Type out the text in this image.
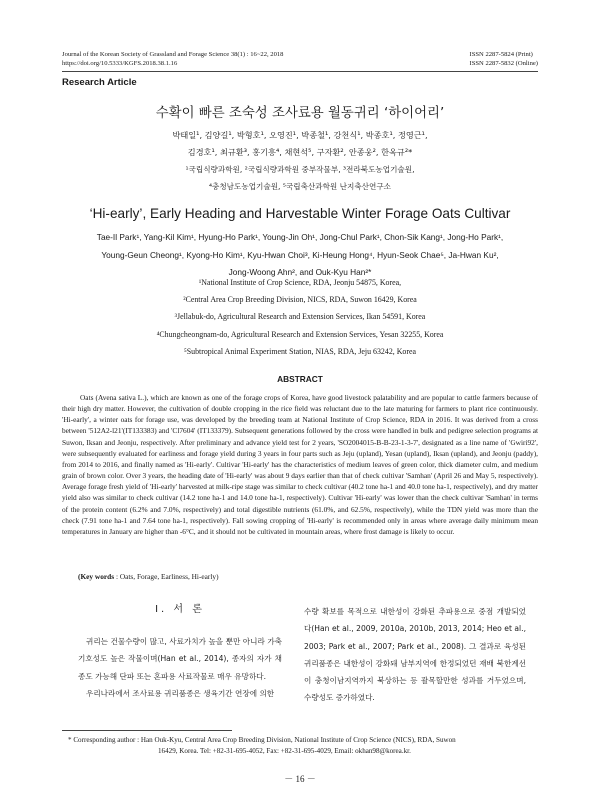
Journal of the Korean Society of Grassland and Forage Science 38(1) : 16~22, 2018
https://doi.org/10.5333/KGFS.2018.38.1.16
ISSN 2287-5824 (Print)
ISSN 2287-5832 (Online)
Research Article
수확이 빠른 조숙성 조사료용 월동귀리 ‘하이어리’
박태일¹, 김양길¹, 박형호¹, 오영진¹, 박종철¹, 강천식¹, 박종호¹, 정영근¹,
김경호¹, 최규환³, 홍기흥⁴, 채현석⁵, 구자환², 안종웅², 한옥규²*
¹국립식량과학원, ²국립식량과학원 중부작물부, ³전라북도농업기술원,
⁴충청남도농업기술원, ⁵국립축산과학원 난지축산연구소
‘Hi-early’, Early Heading and Harvestable Winter Forage Oats Cultivar
Tae-Il Park¹, Yang-Kil Kim¹, Hyung-Ho Park¹, Young-Jin Oh¹, Jong-Chul Park¹, Chon-Sik Kang¹, Jong-Ho Park¹,
Young-Geun Cheong¹, Kyong-Ho Kim¹, Kyu-Hwan Choi³, Ki-Heung Hong⁴, Hyun-Seok Chae⁵, Ja-Hwan Ku²,
Jong-Woong Ahn², and Ouk-Kyu Han²*
¹National Institute of Crop Science, RDA, Jeonju 54875, Korea,
²Central Area Crop Breeding Division, NICS, RDA, Suwon 16429, Korea
³Jellabuk-do, Agricultural Research and Extension Services, Ikan 54591, Korea
⁴Chungcheongnam-do, Agricultural Research and Extension Services, Yesan 32255, Korea
⁵Subtropical Animal Experiment Station, NIAS, RDA, Jeju 63242, Korea
ABSTRACT
Oats (Avena sativa L.), which are known as one of the forage crops of Korea, have good livestock palatability and are popular to cattle farmers because of their high dry matter. However, the cultivation of double cropping in the rice field was reluctant due to the late maturing for farmers to plant rice continuously. 'Hi-early', a winter oats for forage use, was developed by the breeding team at National Institute of Crop Science, RDA in 2016. It was derived from a cross between '512A2-l21'(IT133383) and 'Cl7604' (IT133379). Subsequent generations followed by the cross were handled in bulk and pedigree selection programs at Suwon, Iksan and Jeonju, respectively. After preliminary and advance yield test for 2 years, 'SO2004015-B-B-23-1-3-7', designated as a line name of 'Gwiri92', were subsequently evaluated for earliness and forage yield during 3 years in four parts such as Jeju (upland), Yesan (upland), Iksan (upland), and Jeonju (paddy), from 2014 to 2016, and finally named as 'Hi-early'. Cultivar 'Hi-early' has the characteristics of medium leaves of green color, thick diameter culm, and medium grain of brown color. Over 3 years, the heading date of 'Hi-early' was about 9 days earlier than that of check cultivar 'Samhan' (April 26 and May 5, respectively). Average forage fresh yield of 'Hi-early' harvested at milk-ripe stage was similar to check cultivar (40.2 tone ha-1 and 40.0 tone ha-1, respectively), and dry matter yield also was similar to check cultivar (14.2 tone ha-1 and 14.0 tone ha-1, respectively). Cultivar 'Hi-early' was lower than the check cultivar 'Samhan' in terms of the protein content (6.2% and 7.0%, respectively) and total digestible nutrients (61.0%, and 62.5%, respectively), while the TDN yield was more than the check (7.91 tone ha-1 and 7.64 tone ha-1, respectively). Fall sowing cropping of 'Hi-early' is recommended only in areas where average daily minimum mean temperatures in January are higher than -6°C, and it should not be cultivated in mountain areas, where frost damage is likely to occur.
(Key words : Oats, Forage, Earliness, Hi-early)
I. 서 론

귀리는 건물수량이 많고, 사료가치가 높을 뿐만 아니라 가축 기호성도 높은 작물이며(Han et al., 2014), 종자의 자가 채종도 가능해 단파 또는 혼파용 사료작물로 매우 유망하다.

우리나라에서 조사료용 귀리품종은 생육기간 연장에 의한

수량 확보를 목적으로 내한성이 강화된 추파용으로 중점 개발되었다(Han et al., 2009, 2010a, 2010b, 2013, 2014; Heo et al., 2003; Park et al., 2007; Park et al., 2008). 그 결과로 육성된 귀리품종은 내한성이 강화돼 남부지역에 한정되었던 재배 북한계선이 충청이남지역까지 북상하는 등 괄목할만한 성과를 거두었으며, 수량성도 증가하였다.

* Corresponding author : Han Ouk-Kyu, Central Area Crop Breeding Division, National Institute of Crop Science (NICS), RDA, Suwon
16429, Korea. Tel: +82-31-695-4052, Fax: +82-31-695-4029, Email: okhan98@korea.kr.
－ 16 －
